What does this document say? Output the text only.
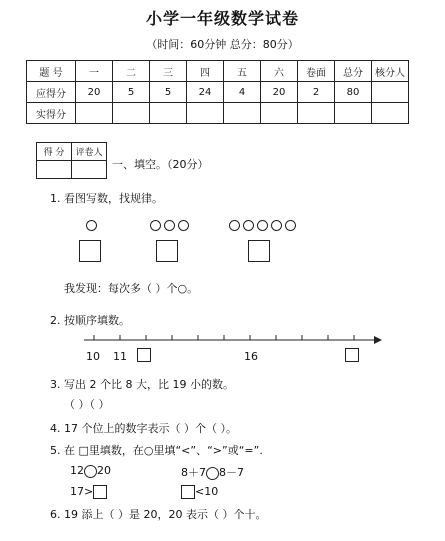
小学一年级数学试卷
（时间：60分钟 总分：80分）
题 号	一	二	三	四	五	六	卷面	总分	核分人
应得分	20	5	5	24	4	20	2	80	
实得分									
得 分	评卷人

一、填空。（20分）
1. 看图写数，找规律。
我发现：每次多（ ）个○。
2. 按顺序填数。
10 11	16
3. 写出 2 个比 8 大，比 19 小的数。
（ ）（ ）
4. 17 个位上的数字表示（ ）个（ ）。
5. 在 □里填数，在○里填“<”、“>”或“=”.
12 20	8＋7 8－7
17>	<10
6. 19 添上（ ）是 20，20 表示（ ）个十。
